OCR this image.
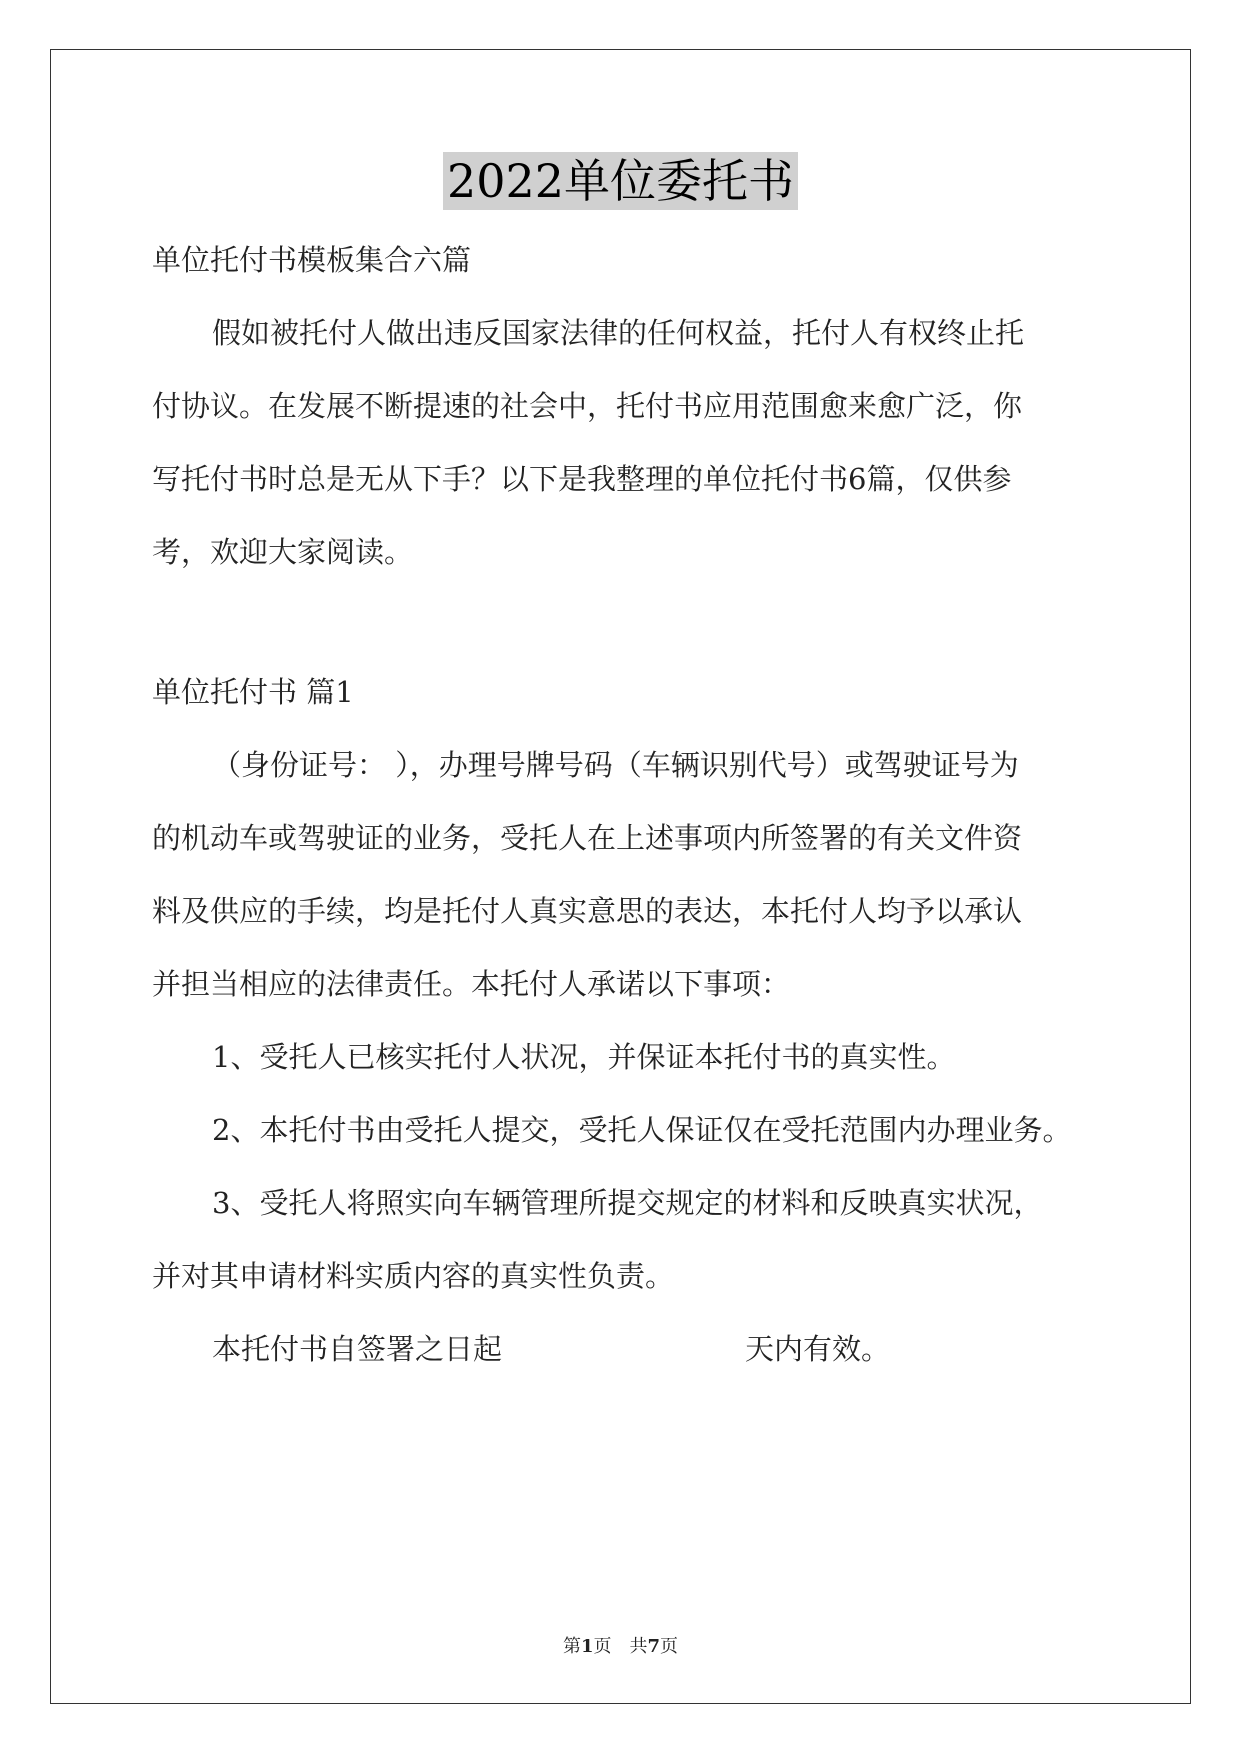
2022单位委托书
单位托付书模板集合六篇
假如被托付人做出违反国家法律的任何权益，托付人有权终止托
付协议。在发展不断提速的社会中，托付书应用范围愈来愈广泛，你
写托付书时总是无从下手？以下是我整理的单位托付书6篇，仅供参
考，欢迎大家阅读。
单位托付书 篇1
（身份证号： ），办理号牌号码（车辆识别代号）或驾驶证号为
的机动车或驾驶证的业务，受托人在上述事项内所签署的有关文件资
料及供应的手续，均是托付人真实意思的表达，本托付人均予以承认
并担当相应的法律责任。本托付人承诺以下事项：
1、受托人已核实托付人状况，并保证本托付书的真实性。
2、本托付书由受托人提交，受托人保证仅在受托范围内办理业务。
3、受托人将照实向车辆管理所提交规定的材料和反映真实状况，
并对其申请材料实质内容的真实性负责。
本托付书自签署之日起	天内有效。
第1页　共7页
